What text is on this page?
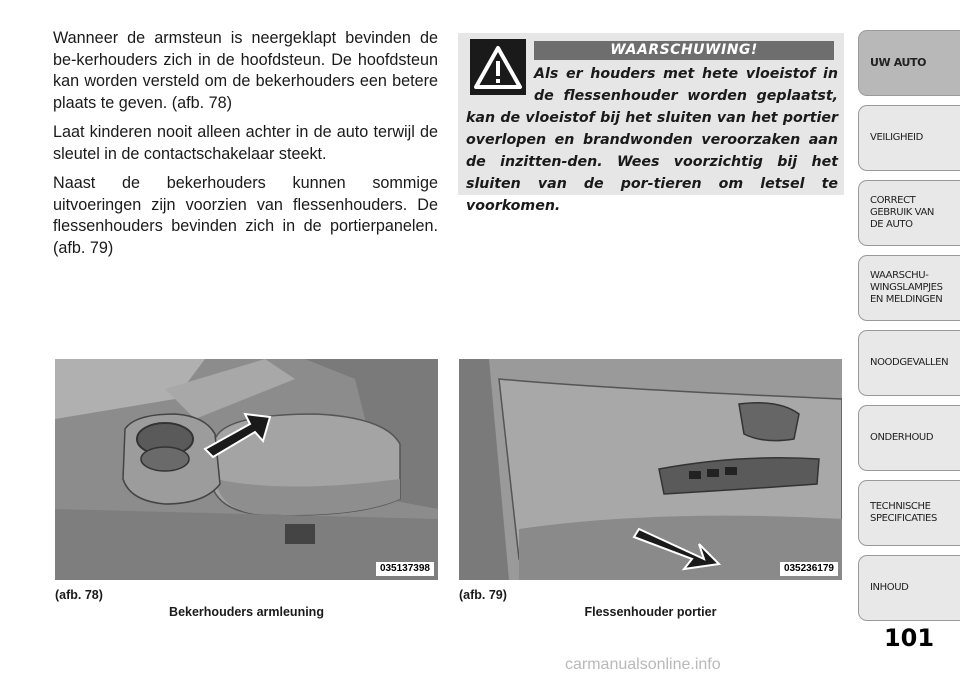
Wanneer de armsteun is neergeklapt bevinden de be-kerhouders zich in de hoofdsteun. De hoofdsteun kan worden versteld om de bekerhouders een betere plaats te geven. (afb. 78)

Laat kinderen nooit alleen achter in de auto terwijl de sleutel in de contactschakelaar steekt.

Naast de bekerhouders kunnen sommige uitvoeringen zijn voorzien van flessenhouders. De flessenhouders bevinden zich in de portierpanelen. (afb. 79)

WAARSCHUWING!
Als er houders met hete vloeistof in de flessenhouder worden geplaatst, kan de vloeistof bij het sluiten van het portier overlopen en brandwonden veroorzaken aan de inzitten-den. Wees voorzichtig bij het sluiten van de por-tieren om letsel te voorkomen.
035137398	035236179
(afb. 78)
Bekerhouders armleuning
(afb. 79)
Flessenhouder portier
UW AUTO
VEILIGHEID
CORRECT
GEBRUIK VAN
DE AUTO
WAARSCHU-
WINGSLAMPJES
EN MELDINGEN
NOODGEVALLEN
ONDERHOUD
TECHNISCHE
SPECIFICATIES
INHOUD
101
carmanualsonline.info
